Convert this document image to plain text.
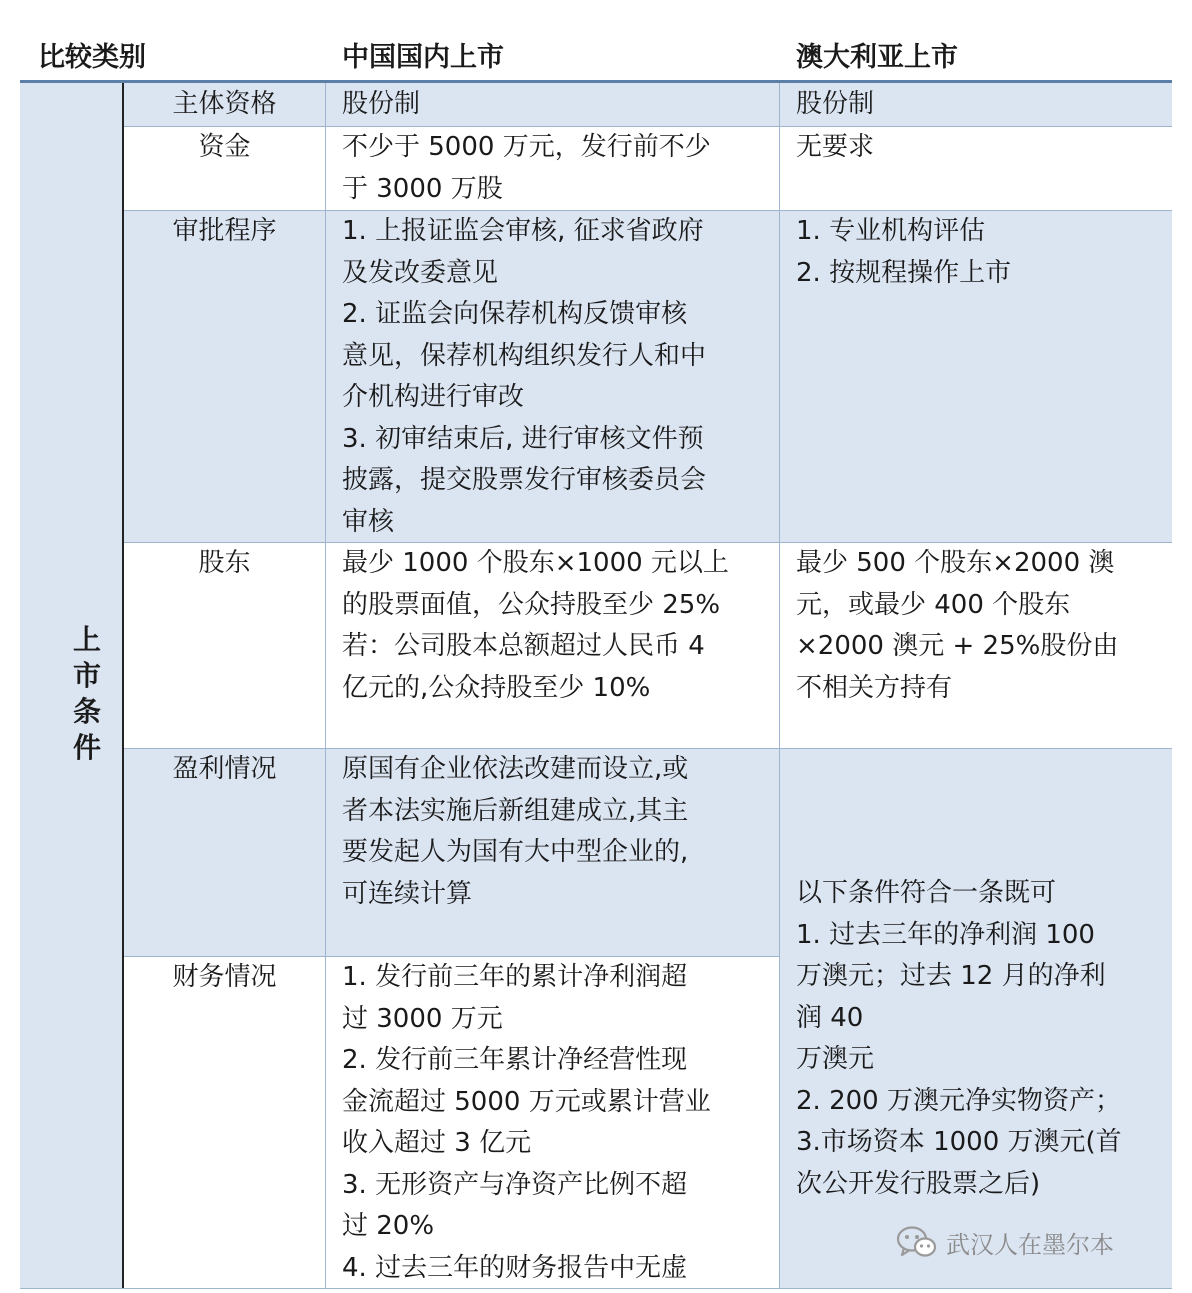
比较类别	中国国内上市	澳大利亚上市
上
市
条
件
主体资格
资金
审批程序
股东
盈利情况
财务情况
股份制
不少于 5000 万元，发行前不少
于 3000 万股
1. 上报证监会审核, 征求省政府
及发改委意见
2. 证监会向保荐机构反馈审核
意见，保荐机构组织发行人和中
介机构进行审改
3. 初审结束后, 进行审核文件预
披露，提交股票发行审核委员会
审核
最少 1000 个股东×1000 元以上
的股票面值，公众持股至少 25%
若：公司股本总额超过人民币 4
亿元的,公众持股至少 10%
原国有企业依法改建而设立,或
者本法实施后新组建成立,其主
要发起人为国有大中型企业的,
可连续计算
1. 发行前三年的累计净利润超
过 3000 万元
2. 发行前三年累计净经营性现
金流超过 5000 万元或累计营业
收入超过 3 亿元
3. 无形资产与净资产比例不超
过 20%
4. 过去三年的财务报告中无虚
股份制
无要求
1. 专业机构评估
2. 按规程操作上市
最少 500 个股东×2000 澳
元，或最少 400 个股东
×2000 澳元 + 25%股份由
不相关方持有
以下条件符合一条既可
1. 过去三年的净利润 100
万澳元；过去 12 月的净利
润 40
万澳元
2. 200 万澳元净实物资产；
3.市场资本 1000 万澳元(首
次公开发行股票之后)
武汉人在墨尔本
